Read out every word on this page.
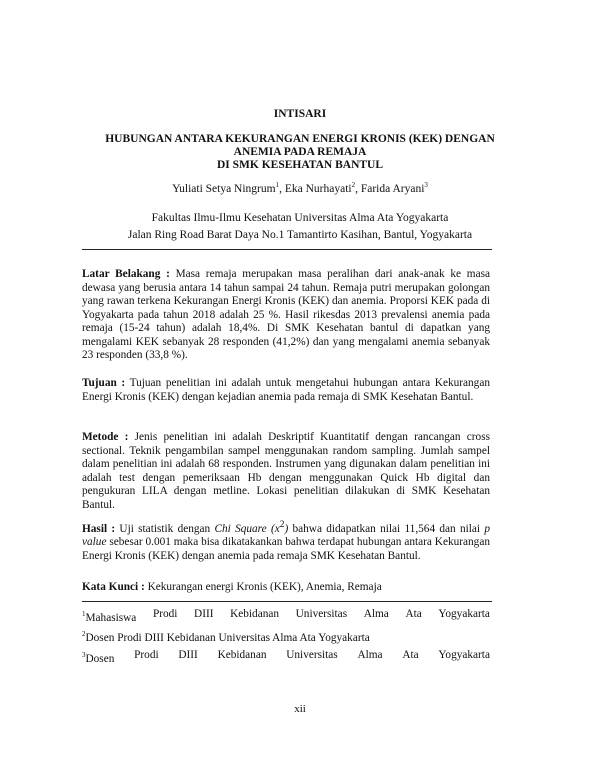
INTISARI
HUBUNGAN ANTARA KEKURANGAN ENERGI KRONIS (KEK) DENGAN
ANEMIA PADA REMAJA
DI SMK KESEHATAN BANTUL
Yuliati Setya Ningrum$^1$, Eka Nurhayati$^2$, Farida Aryani$^3$
Fakultas Ilmu-Ilmu Kesehatan Universitas Alma Ata Yogyakarta
Jalan Ring Road Barat Daya No.1 Tamantirto Kasihan, Bantul, Yogyakarta
Latar Belakang : Masa remaja merupakan masa peralihan dari anak-anak ke masa dewasa yang berusia antara 14 tahun sampai 24 tahun. Remaja putri merupakan golongan yang rawan terkena Kekurangan Energi Kronis (KEK) dan anemia. Proporsi KEK pada di Yogyakarta pada tahun 2018 adalah 25 %. Hasil rikesdas 2013 prevalensi anemia pada remaja (15-24 tahun) adalah 18,4%. Di SMK Kesehatan bantul di dapatkan yang mengalami KEK sebanyak 28 responden (41,2%) dan yang mengalami anemia sebanyak 23 responden (33,8 %).
Tujuan : Tujuan penelitian ini adalah untuk mengetahui hubungan antara Kekurangan Energi Kronis (KEK) dengan kejadian anemia pada remaja di SMK Kesehatan Bantul.
Metode : Jenis penelitian ini adalah Deskriptif Kuantitatif dengan rancangan cross sectional. Teknik pengambilan sampel menggunakan random sampling. Jumlah sampel dalam penelitian ini adalah 68 responden. Instrumen yang digunakan dalam penelitian ini adalah test dengan pemeriksaan Hb dengan menggunakan Quick Hb digital dan pengukuran LILA dengan metline. Lokasi penelitian dilakukan di SMK Kesehatan Bantul.
Hasil : Uji statistik dengan Chi Square $(x^2)$ bahwa didapatkan nilai 11,564 dan nilai p value sebesar 0.001 maka bisa dikatakankan bahwa terdapat hubungan antara Kekurangan Energi Kronis (KEK) dengan anemia pada remaja SMK Kesehatan Bantul.
Kata Kunci : Kekurangan energi Kronis (KEK), Anemia, Remaja
$^1$Mahasiswa Prodi DIII Kebidanan Universitas Alma Ata Yogyakarta
$^2$Dosen Prodi DIII Kebidanan Universitas Alma Ata Yogyakarta
$^3$Dosen Prodi DIII Kebidanan Universitas Alma Ata Yogyakarta
xii
